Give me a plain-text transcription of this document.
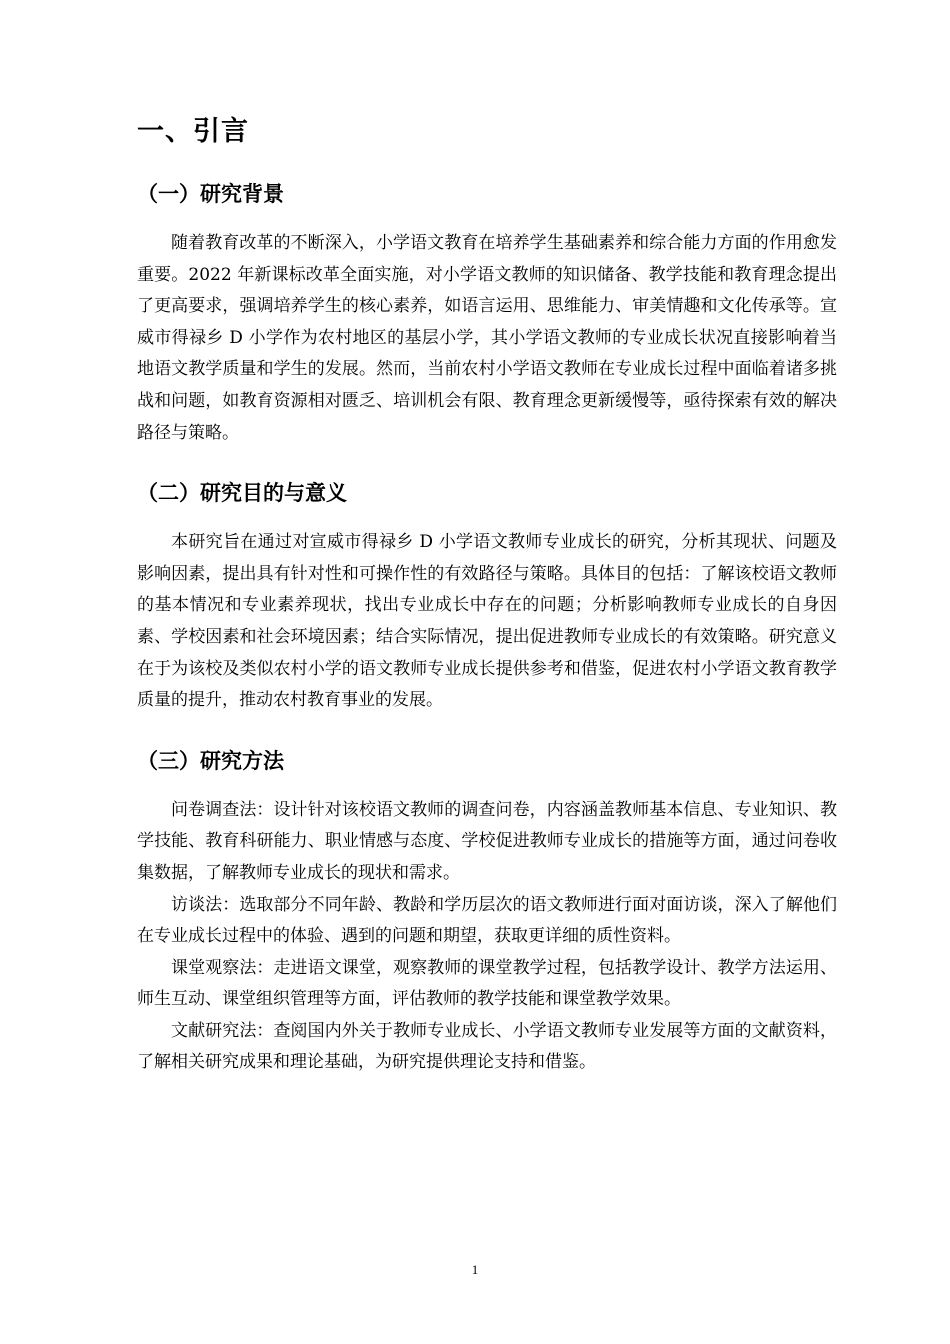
一、引言
（一）研究背景

随着教育改革的不断深入，小学语文教育在培养学生基础素养和综合能力方面的作用愈发重要。2022 年新课标改革全面实施，对小学语文教师的知识储备、教学技能和教育理念提出了更高要求，强调培养学生的核心素养，如语言运用、思维能力、审美情趣和文化传承等。宣威市得禄乡 D 小学作为农村地区的基层小学，其小学语文教师的专业成长状况直接影响着当地语文教学质量和学生的发展。然而，当前农村小学语文教师在专业成长过程中面临着诸多挑战和问题，如教育资源相对匮乏、培训机会有限、教育理念更新缓慢等，亟待探索有效的解决路径与策略。

（二）研究目的与意义

本研究旨在通过对宣威市得禄乡 D 小学语文教师专业成长的研究，分析其现状、问题及影响因素，提出具有针对性和可操作性的有效路径与策略。具体目的包括：了解该校语文教师的基本情况和专业素养现状，找出专业成长中存在的问题；分析影响教师专业成长的自身因素、学校因素和社会环境因素；结合实际情况，提出促进教师专业成长的有效策略。研究意义在于为该校及类似农村小学的语文教师专业成长提供参考和借鉴，促进农村小学语文教育教学质量的提升，推动农村教育事业的发展。

（三）研究方法

问卷调查法：设计针对该校语文教师的调查问卷，内容涵盖教师基本信息、专业知识、教学技能、教育科研能力、职业情感与态度、学校促进教师专业成长的措施等方面，通过问卷收集数据，了解教师专业成长的现状和需求。

访谈法：选取部分不同年龄、教龄和学历层次的语文教师进行面对面访谈，深入了解他们在专业成长过程中的体验、遇到的问题和期望，获取更详细的质性资料。

课堂观察法：走进语文课堂，观察教师的课堂教学过程，包括教学设计、教学方法运用、师生互动、课堂组织管理等方面，评估教师的教学技能和课堂教学效果。

文献研究法：查阅国内外关于教师专业成长、小学语文教师专业发展等方面的文献资料，了解相关研究成果和理论基础，为研究提供理论支持和借鉴。

1
